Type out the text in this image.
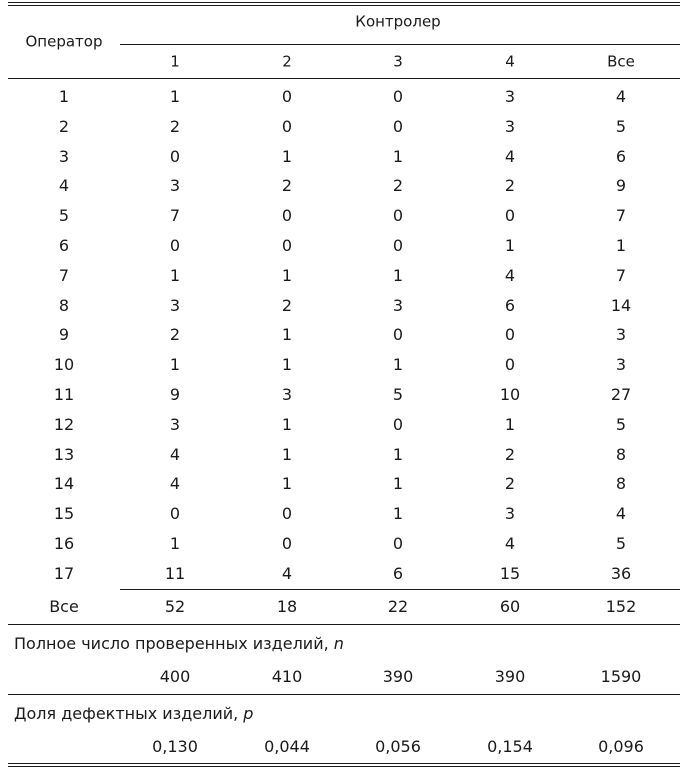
Оператор
Контролер
1	2	3	4	Все
1	1	0	0	3	4
2	2	0	0	3	5
3	0	1	1	4	6
4	3	2	2	2	9
5	7	0	0	0	7
6	0	0	0	1	1
7	1	1	1	4	7
8	3	2	3	6	14
9	2	1	0	0	3
10	1	1	1	0	3
11	9	3	5	10	27
12	3	1	0	1	5
13	4	1	1	2	8
14	4	1	1	2	8
15	0	0	1	3	4
16	1	0	0	4	5
17	11	4	6	15	36
Все	52	18	22	60	152
Полное число проверенных изделий, n
400	410	390	390	1590
Доля дефектных изделий, p
0,130	0,044	0,056	0,154	0,096
